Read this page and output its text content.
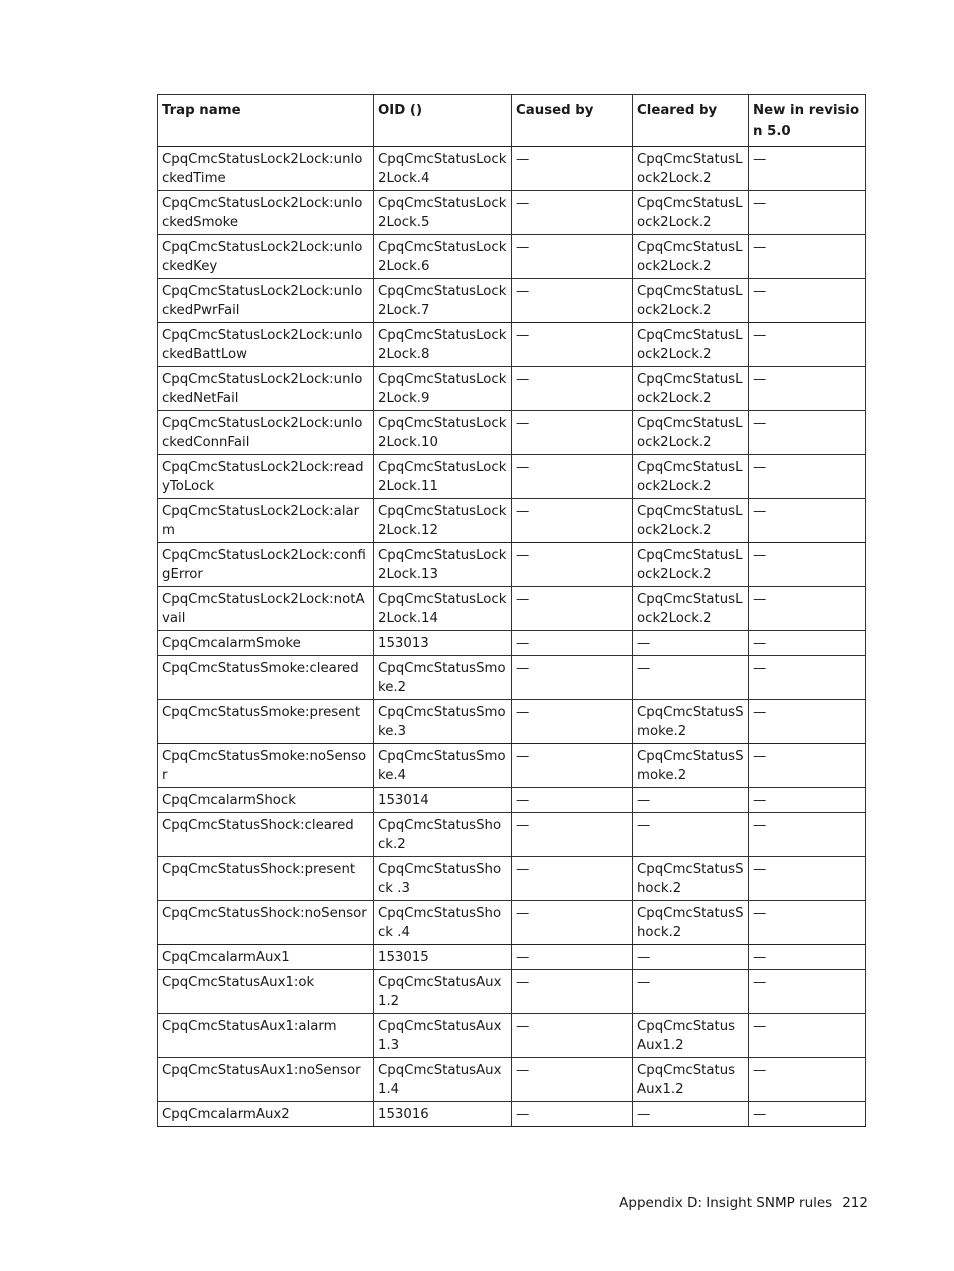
Trap name	OID ()	Caused by	Cleared by	New in revision 5.0
CpqCmcStatusLock2Lock:unlockedTime	CpqCmcStatusLock2Lock.4	—	CpqCmcStatusLock2Lock.2	—
CpqCmcStatusLock2Lock:unlockedSmoke	CpqCmcStatusLock2Lock.5	—	CpqCmcStatusLock2Lock.2	—
CpqCmcStatusLock2Lock:unlockedKey	CpqCmcStatusLock2Lock.6	—	CpqCmcStatusLock2Lock.2	—
CpqCmcStatusLock2Lock:unlockedPwrFail	CpqCmcStatusLock2Lock.7	—	CpqCmcStatusLock2Lock.2	—
CpqCmcStatusLock2Lock:unlockedBattLow	CpqCmcStatusLock2Lock.8	—	CpqCmcStatusLock2Lock.2	—
CpqCmcStatusLock2Lock:unlockedNetFail	CpqCmcStatusLock2Lock.9	—	CpqCmcStatusLock2Lock.2	—
CpqCmcStatusLock2Lock:unlockedConnFail	CpqCmcStatusLock2Lock.10	—	CpqCmcStatusLock2Lock.2	—
CpqCmcStatusLock2Lock:readyToLock	CpqCmcStatusLock2Lock.11	—	CpqCmcStatusLock2Lock.2	—
CpqCmcStatusLock2Lock:alarm	CpqCmcStatusLock2Lock.12	—	CpqCmcStatusLock2Lock.2	—
CpqCmcStatusLock2Lock:configError	CpqCmcStatusLock2Lock.13	—	CpqCmcStatusLock2Lock.2	—
CpqCmcStatusLock2Lock:notAvail	CpqCmcStatusLock2Lock.14	—	CpqCmcStatusLock2Lock.2	—
CpqCmcalarmSmoke	153013	—	—	—
CpqCmcStatusSmoke:cleared	CpqCmcStatusSmoke.2	—	—	—
CpqCmcStatusSmoke:present	CpqCmcStatusSmoke.3	—	CpqCmcStatusSmoke.2	—
CpqCmcStatusSmoke:noSensor	CpqCmcStatusSmoke.4	—	CpqCmcStatusSmoke.2	—
CpqCmcalarmShock	153014	—	—	—
CpqCmcStatusShock:cleared	CpqCmcStatusShock.2	—	—	—
CpqCmcStatusShock:present	CpqCmcStatusShock .3	—	CpqCmcStatusShock.2	—
CpqCmcStatusShock:noSensor	CpqCmcStatusShock .4	—	CpqCmcStatusShock.2	—
CpqCmcalarmAux1	153015	—	—	—
CpqCmcStatusAux1:ok	CpqCmcStatusAux1.2	—	—	—
CpqCmcStatusAux1:alarm	CpqCmcStatusAux1.3	—	CpqCmcStatusAux1.2	—
CpqCmcStatusAux1:noSensor	CpqCmcStatusAux1.4	—	CpqCmcStatusAux1.2	—
CpqCmcalarmAux2	153016	—	—	—
Appendix D: Insight SNMP rules 212
